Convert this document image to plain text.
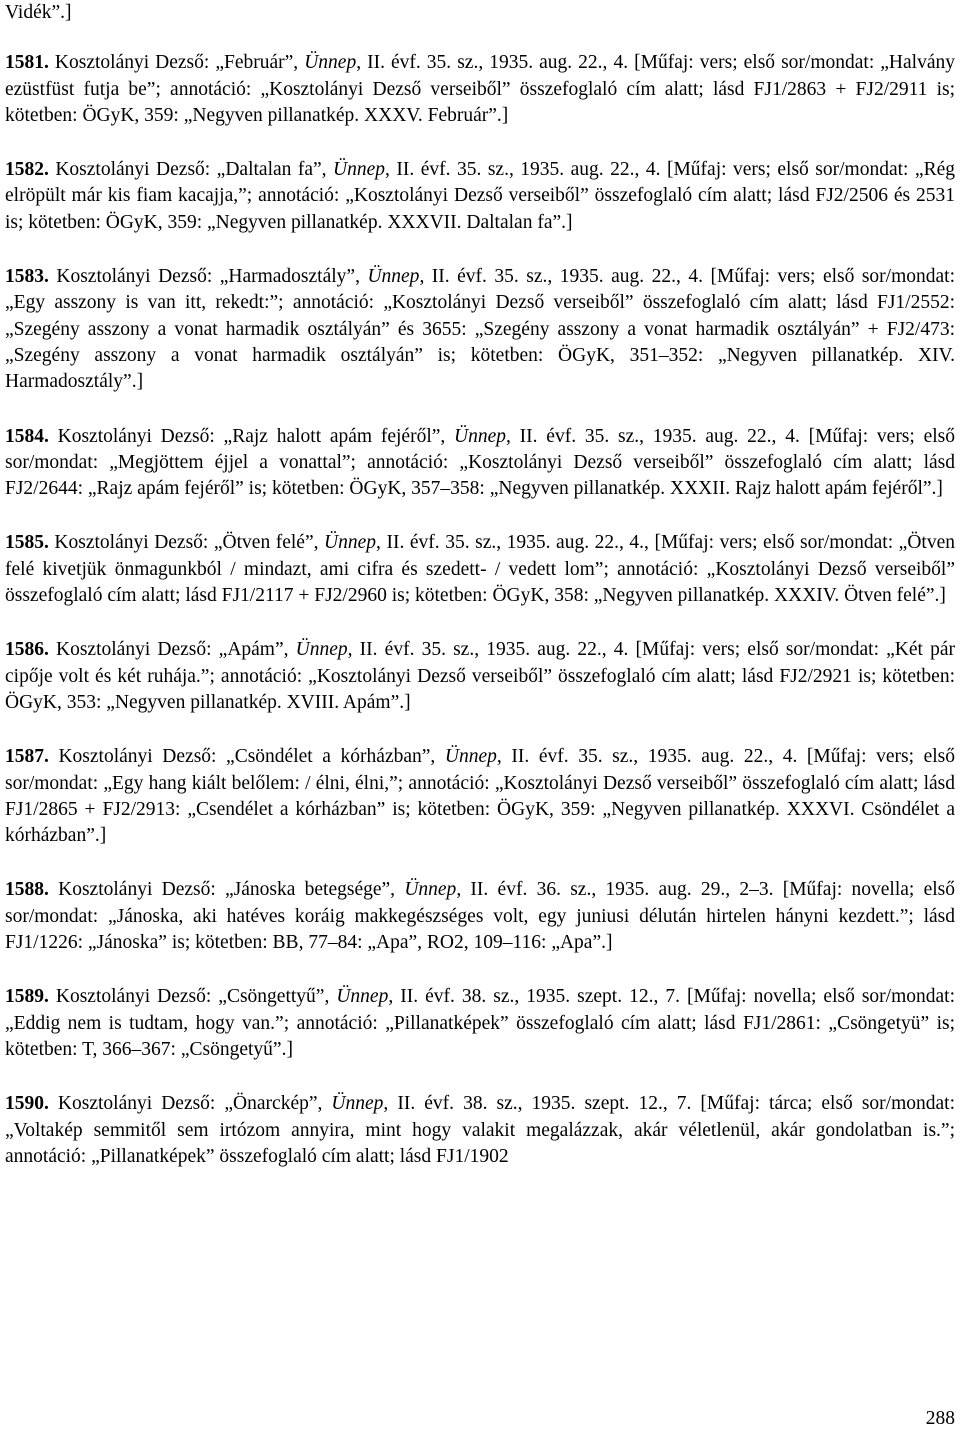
Vidék”.]

1581. Kosztolányi Dezső: „Február”, Ünnep, II. évf. 35. sz., 1935. aug. 22., 4. [Műfaj: vers; első sor/mondat: „Halvány ezüstfüst futja be”; annotáció: „Kosztolányi Dezső verseiből” összefoglaló cím alatt; lásd FJ1/2863 + FJ2/2911 is; kötetben: ÖGyK, 359: „Negyven pillanatkép. XXXV. Február”.]

1582. Kosztolányi Dezső: „Daltalan fa”, Ünnep, II. évf. 35. sz., 1935. aug. 22., 4. [Műfaj: vers; első sor/mondat: „Rég elröpült már kis fiam kacajja,”; annotáció: „Kosztolányi Dezső verseiből” összefoglaló cím alatt; lásd FJ2/2506 és 2531 is; kötetben: ÖGyK, 359: „Negyven pillanatkép. XXXVII. Daltalan fa”.]

1583. Kosztolányi Dezső: „Harmadosztály”, Ünnep, II. évf. 35. sz., 1935. aug. 22., 4. [Műfaj: vers; első sor/mondat: „Egy asszony is van itt, rekedt:”; annotáció: „Kosztolányi Dezső verseiből” összefoglaló cím alatt; lásd FJ1/2552: „Szegény asszony a vonat harmadik osztályán” és 3655: „Szegény asszony a vonat harmadik osztályán” + FJ2/473: „Szegény asszony a vonat harmadik osztályán” is; kötetben: ÖGyK, 351–352: „Negyven pillanatkép. XIV. Harmadosztály”.]

1584. Kosztolányi Dezső: „Rajz halott apám fejéről”, Ünnep, II. évf. 35. sz., 1935. aug. 22., 4. [Műfaj: vers; első sor/mondat: „Megjöttem éjjel a vonattal”; annotáció: „Kosztolányi Dezső verseiből” összefoglaló cím alatt; lásd FJ2/2644: „Rajz apám fejéről” is; kötetben: ÖGyK, 357–358: „Negyven pillanatkép. XXXII. Rajz halott apám fejéről”.]

1585. Kosztolányi Dezső: „Ötven felé”, Ünnep, II. évf. 35. sz., 1935. aug. 22., 4., [Műfaj: vers; első sor/mondat: „Ötven felé kivetjük önmagunkból / mindazt, ami cifra és szedett- / vedett lom”; annotáció: „Kosztolányi Dezső verseiből” összefoglaló cím alatt; lásd FJ1/2117 + FJ2/2960 is; kötetben: ÖGyK, 358: „Negyven pillanatkép. XXXIV. Ötven felé”.]

1586. Kosztolányi Dezső: „Apám”, Ünnep, II. évf. 35. sz., 1935. aug. 22., 4. [Műfaj: vers; első sor/mondat: „Két pár cipője volt és két ruhája.”; annotáció: „Kosztolányi Dezső verseiből” összefoglaló cím alatt; lásd FJ2/2921 is; kötetben: ÖGyK, 353: „Negyven pillanatkép. XVIII. Apám”.]

1587. Kosztolányi Dezső: „Csöndélet a kórházban”, Ünnep, II. évf. 35. sz., 1935. aug. 22., 4. [Műfaj: vers; első sor/mondat: „Egy hang kiált belőlem: / élni, élni,”; annotáció: „Kosztolányi Dezső verseiből” összefoglaló cím alatt; lásd FJ1/2865 + FJ2/2913: „Csendélet a kórházban” is; kötetben: ÖGyK, 359: „Negyven pillanatkép. XXXVI. Csöndélet a kórházban”.]

1588. Kosztolányi Dezső: „Jánoska betegsége”, Ünnep, II. évf. 36. sz., 1935. aug. 29., 2–3. [Műfaj: novella; első sor/mondat: „Jánoska, aki hatéves koráig makkegészséges volt, egy juniusi délután hirtelen hányni kezdett.”; lásd FJ1/1226: „Jánoska” is; kötetben: BB, 77–84: „Apa”, RO2, 109–116: „Apa”.]

1589. Kosztolányi Dezső: „Csöngettyű”, Ünnep, II. évf. 38. sz., 1935. szept. 12., 7. [Műfaj: novella; első sor/mondat: „Eddig nem is tudtam, hogy van.”; annotáció: „Pillanatképek” összefoglaló cím alatt; lásd FJ1/2861: „Csöngetyü” is; kötetben: T, 366–367: „Csöngetyű”.]

1590. Kosztolányi Dezső: „Önarckép”, Ünnep, II. évf. 38. sz., 1935. szept. 12., 7. [Műfaj: tárca; első sor/mondat: „Voltakép semmitől sem irtózom annyira, mint hogy valakit megalázzak, akár véletlenül, akár gondolatban is.”; annotáció: „Pillanatképek” összefoglaló cím alatt; lásd FJ1/1902

288
